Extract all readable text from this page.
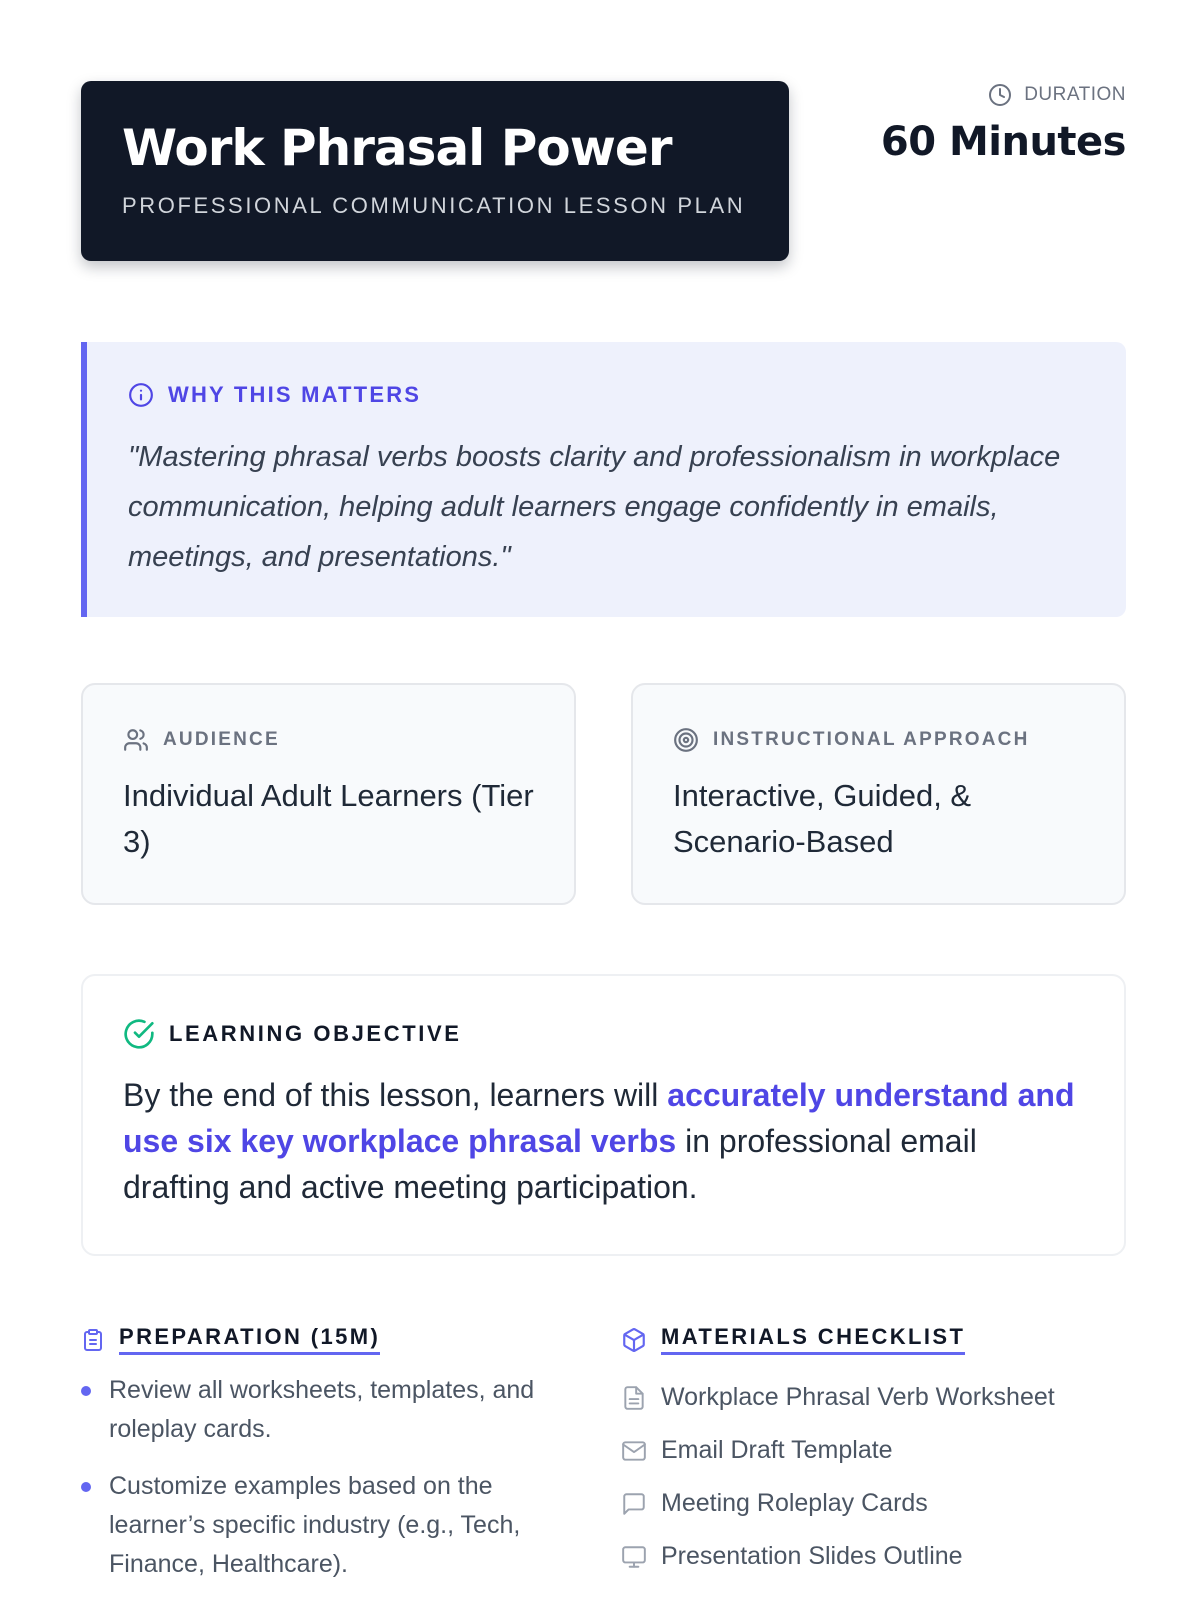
Work Phrasal Power
PROFESSIONAL COMMUNICATION LESSON PLAN
DURATION
60 Minutes
WHY THIS MATTERS
"Mastering phrasal verbs boosts clarity and professionalism in workplace communication, helping adult learners engage confidently in emails, meetings, and presentations."
AUDIENCE
Individual Adult Learners (Tier 3)
INSTRUCTIONAL APPROACH
Interactive, Guided, & Scenario-Based
LEARNING OBJECTIVE
By the end of this lesson, learners will accurately understand and use six key workplace phrasal verbs in professional email drafting and active meeting participation.
PREPARATION (15M)
Review all worksheets, templates, and roleplay cards.
Customize examples based on the learner’s specific industry (e.g., Tech, Finance, Healthcare).
MATERIALS CHECKLIST
Workplace Phrasal Verb Worksheet
Email Draft Template
Meeting Roleplay Cards
Presentation Slides Outline
